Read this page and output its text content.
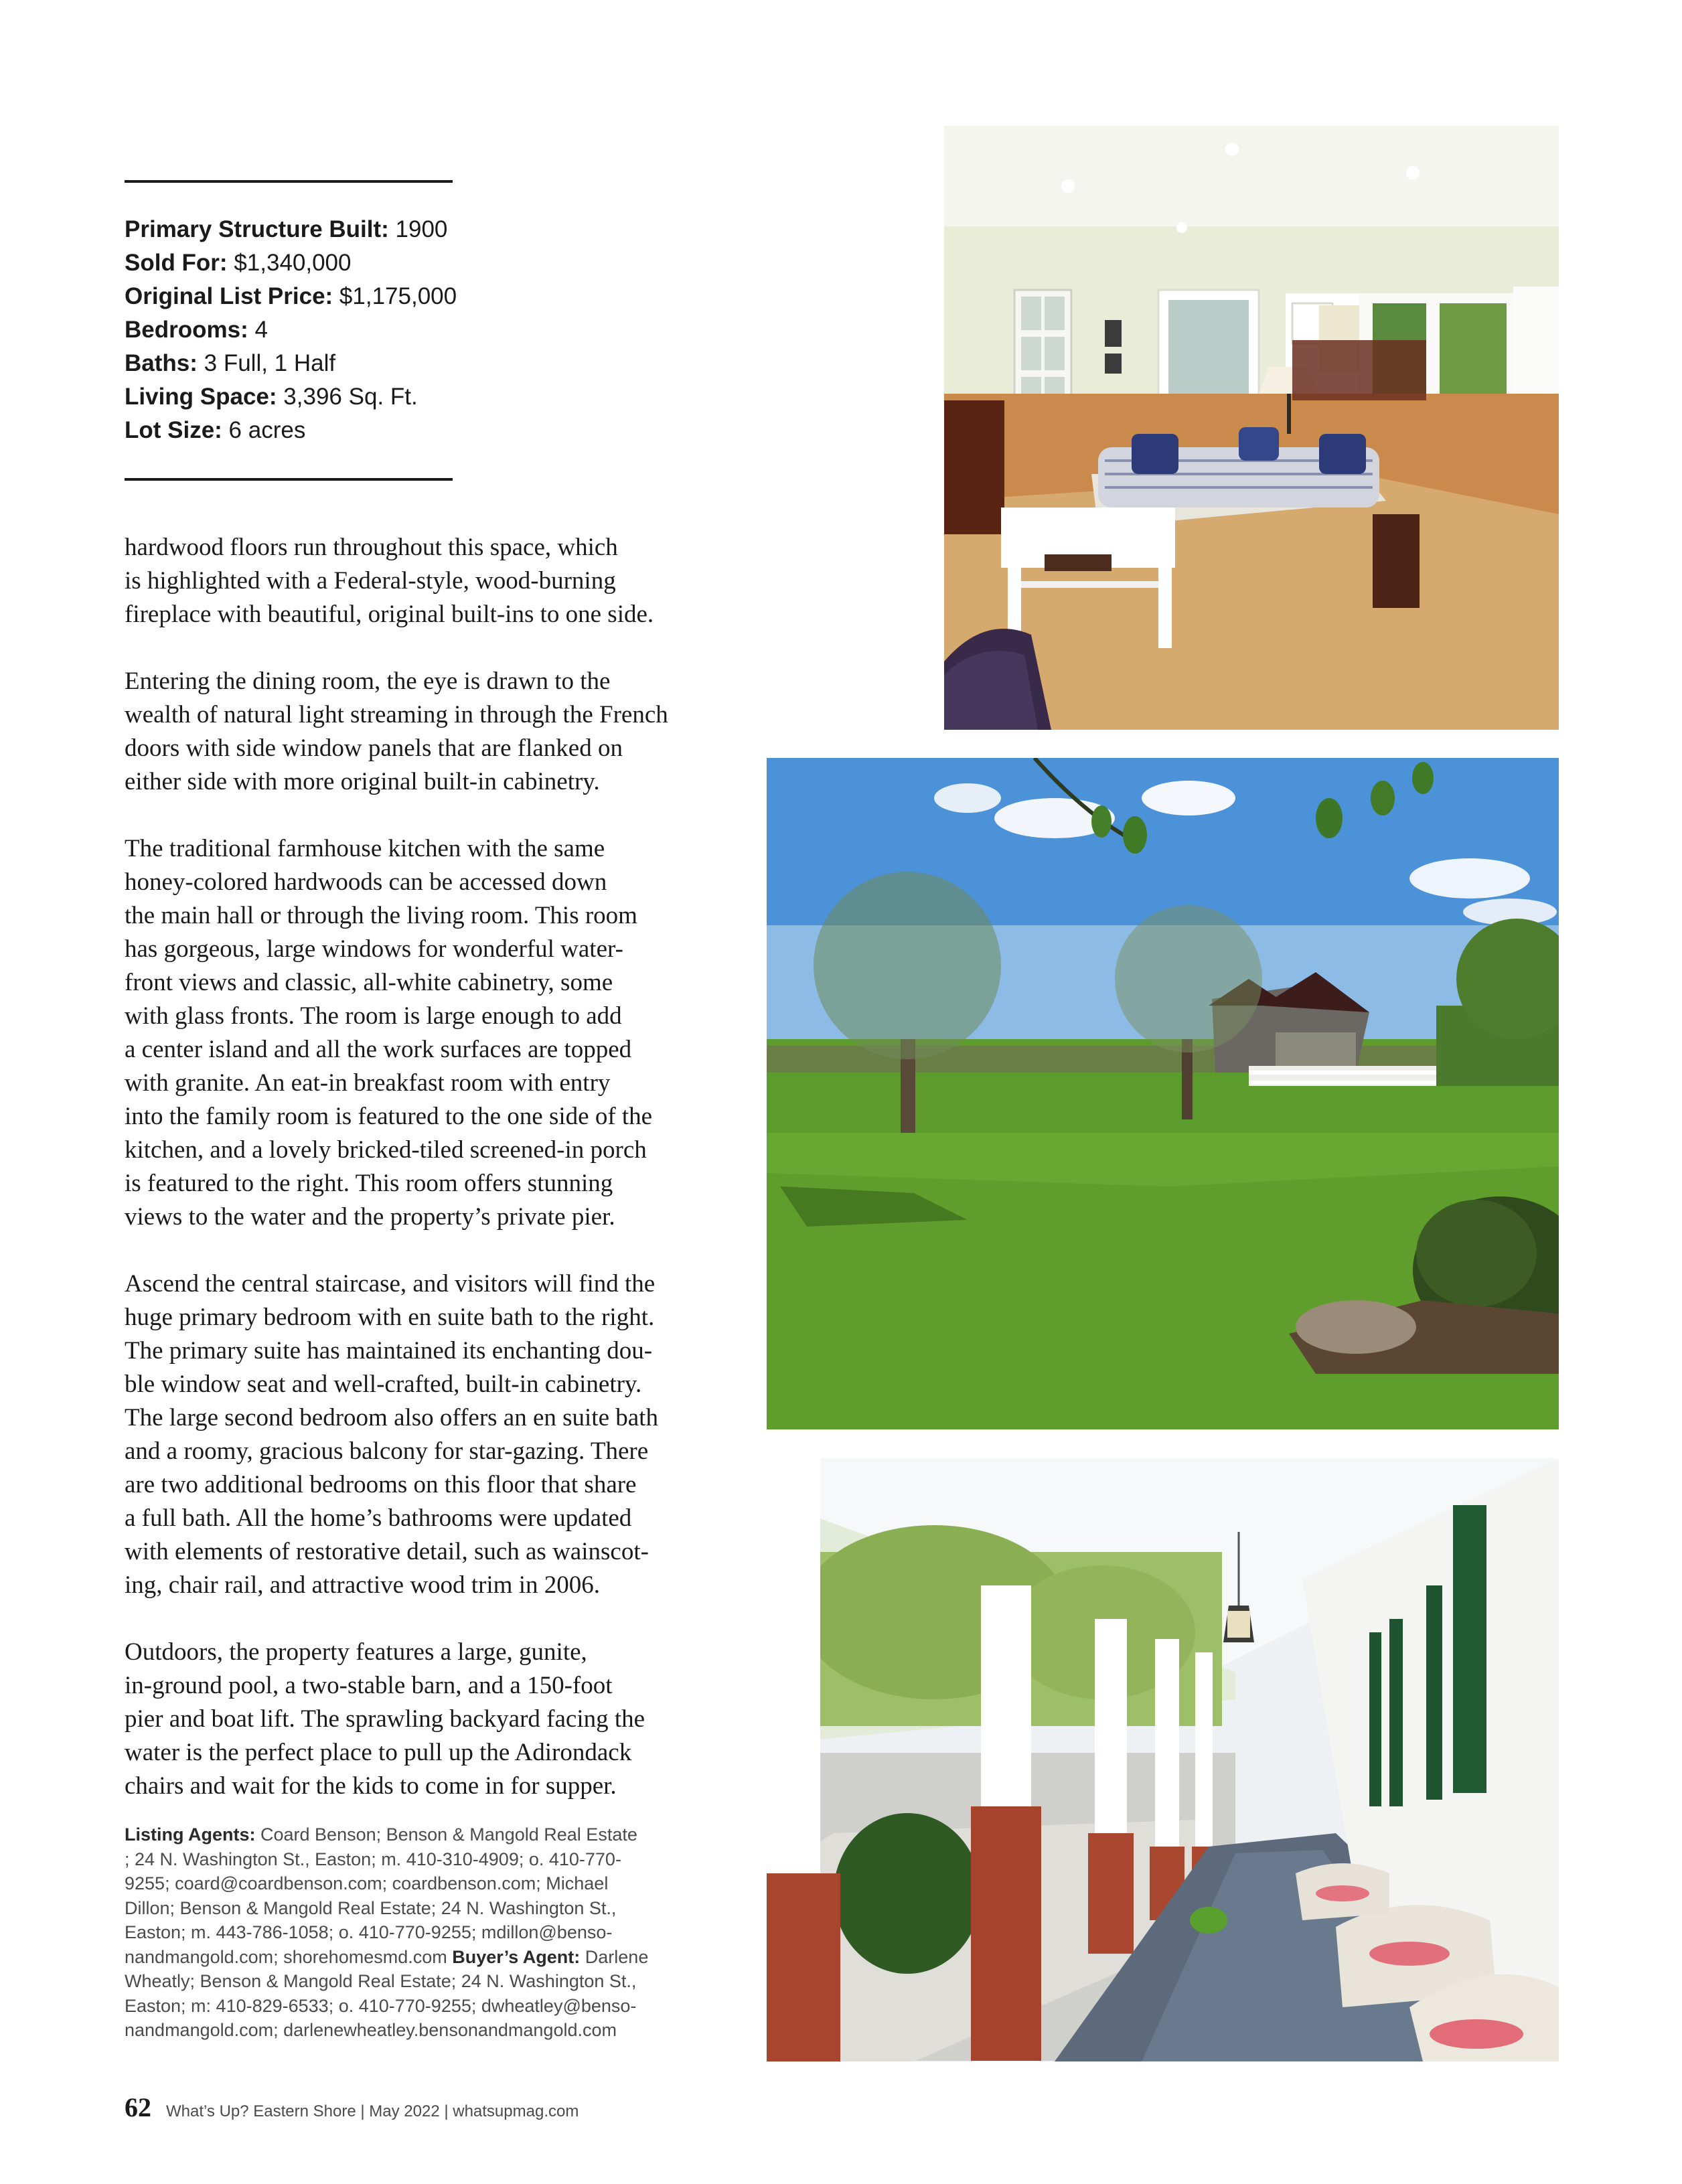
Primary Structure Built: 1900
Sold For: $1,340,000
Original List Price: $1,175,000
Bedrooms: 4
Baths: 3 Full, 1 Half
Living Space: 3,396 Sq. Ft.
Lot Size: 6 acres

hardwood floors run throughout this space, which
is highlighted with a Federal-style, wood-burning
fireplace with beautiful, original built-ins to one side.

Entering the dining room, the eye is drawn to the
wealth of natural light streaming in through the French
doors with side window panels that are flanked on
either side with more original built-in cabinetry.

The traditional farmhouse kitchen with the same
honey-colored hardwoods can be accessed down
the main hall or through the living room. This room
has gorgeous, large windows for wonderful water-
front views and classic, all-white cabinetry, some
with glass fronts. The room is large enough to add
a center island and all the work surfaces are topped
with granite. An eat-in breakfast room with entry
into the family room is featured to the one side of the
kitchen, and a lovely bricked-tiled screened-in porch
is featured to the right. This room offers stunning
views to the water and the property’s private pier.

Ascend the central staircase, and visitors will find the
huge primary bedroom with en suite bath to the right.
The primary suite has maintained its enchanting dou-
ble window seat and well-crafted, built-in cabinetry.
The large second bedroom also offers an en suite bath
and a roomy, gracious balcony for star-gazing. There
are two additional bedrooms on this floor that share
a full bath. All the home’s bathrooms were updated
with elements of restorative detail, such as wainscot-
ing, chair rail, and attractive wood trim in 2006.

Outdoors, the property features a large, gunite,
in-ground pool, a two-stable barn, and a 150-foot
pier and boat lift. The sprawling backyard facing the
water is the perfect place to pull up the Adirondack
chairs and wait for the kids to come in for supper.

Listing Agents: Coard Benson; Benson & Mangold Real Estate
; 24 N. Washington St., Easton; m. 410-310-4909; o. 410-770-
9255; coard@coardbenson.com; coardbenson.com; Michael
Dillon; Benson & Mangold Real Estate; 24 N. Washington St.,
Easton; m. 443-786-1058; o. 410-770-9255; mdillon@benso-
nandmangold.com; shorehomesmd.com Buyer’s Agent: Darlene
Wheatly; Benson & Mangold Real Estate; 24 N. Washington St.,
Easton; m: 410-829-6533; o. 410-770-9255; dwheatley@benso-
nandmangold.com; darlenewheatley.bensonandmangold.com
62 What’s Up? Eastern Shore | May 2022 | whatsupmag.com
